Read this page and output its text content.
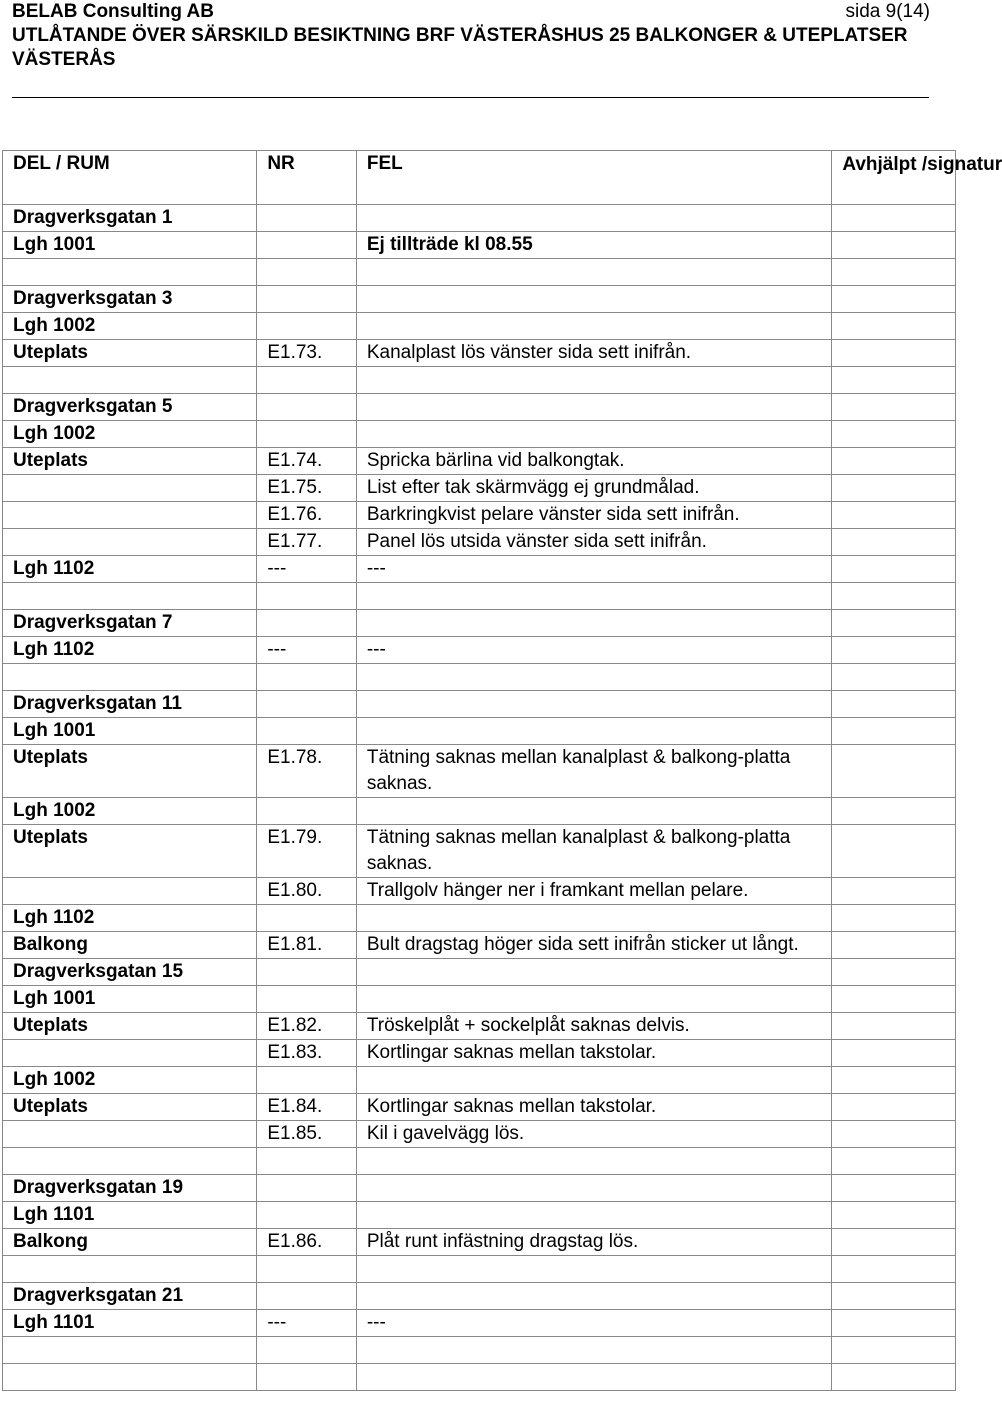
BELAB Consulting AB	sida 9(14)
UTLÅTANDE ÖVER SÄRSKILD BESIKTNING BRF VÄSTERÅSHUS 25 BALKONGER & UTEPLATSER VÄSTERÅS
DEL / RUM	NR	FEL	Avhjälpt /signatur
Dragverksgatan 1			
Lgh 1001		Ej tillträde kl 08.55	

Dragverksgatan 3			
Lgh 1002			
Uteplats	E1.73.	Kanalplast lös vänster sida sett inifrån.	

Dragverksgatan 5			
Lgh 1002			
Uteplats	E1.74.	Spricka bärlina vid balkongtak.	
	E1.75.	List efter tak skärmvägg ej grundmålad.	
	E1.76.	Barkringkvist pelare vänster sida sett inifrån.	
	E1.77.	Panel lös utsida vänster sida sett inifrån.	
Lgh 1102	---	---	

Dragverksgatan 7			
Lgh 1102	---	---	

Dragverksgatan 11			
Lgh 1001			
Uteplats	E1.78.	Tätning saknas mellan kanalplast & balkong-platta saknas.	
Lgh 1002			
Uteplats	E1.79.	Tätning saknas mellan kanalplast & balkong-platta saknas.	
	E1.80.	Trallgolv hänger ner i framkant mellan pelare.	
Lgh 1102			
Balkong	E1.81.	Bult dragstag höger sida sett inifrån sticker ut långt.	
Dragverksgatan 15			
Lgh 1001			
Uteplats	E1.82.	Tröskelplåt + sockelplåt saknas delvis.	
	E1.83.	Kortlingar saknas mellan takstolar.	
Lgh 1002			
Uteplats	E1.84.	Kortlingar saknas mellan takstolar.	
	E1.85.	Kil i gavelvägg lös.	

Dragverksgatan 19			
Lgh 1101			
Balkong	E1.86.	Plåt runt infästning dragstag lös.	

Dragverksgatan 21			
Lgh 1101	---	---	
